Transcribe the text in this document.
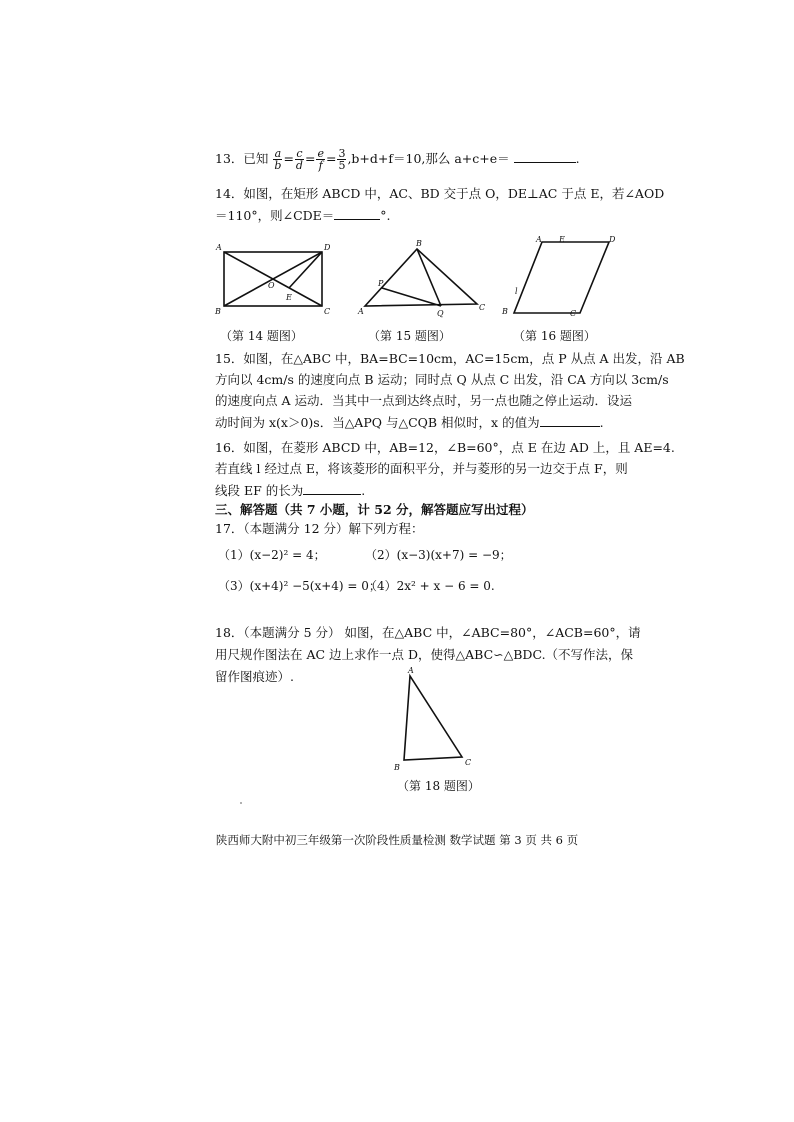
13．已知 $\frac{a}{b} = \frac{c}{d} = \frac{e}{f} = \frac{3}{5} ,b+d+f=10$,那么 a+c+e＝	.
14．如图，在矩形 ABCD 中，AC、BD 交于点 O，DE⊥AC 于点 E，若∠AOD
＝110°，则∠CDE＝	°.
A	D
O
E
B	C
（第 14 题图）
B
P
A	Q
C
（第 15 题图）
A E	D
l
B	C
（第 16 题图）
15．如图，在△ABC 中，BA=BC=10cm，AC=15cm，点 P 从点 A 出发，沿 AB
方向以 4cm/s 的速度向点 B 运动；同时点 Q 从点 C 出发，沿 CA 方向以 3cm/s
的速度向点 A 运动．当其中一点到达终点时，另一点也随之停止运动．设运
动时间为 x(x＞0)s．当△APQ 与△CQB 相似时，x 的值为	.
16．如图，在菱形 ABCD 中，AB=12，∠B=60°，点 E 在边 AD 上，且 AE=4.
若直线 l 经过点 E，将该菱形的面积平分，并与菱形的另一边交于点 F，则
线段 EF 的长为	.
三、解答题（共 7 小题，计 52 分，解答题应写出过程）
17．（本题满分 12 分）解下列方程：
（1）(x−2)² = 4；	（2）(x−3)(x+7) = −9；
（3）(x+4)² −5(x+4) = 0；
（4）2x² + x − 6 = 0.
18．（本题满分 5 分） 如图，在△ABC 中，∠ABC=80°，∠ACB=60°，请
用尺规作图法在 AC 边上求作一点 D，使得△ABC∽△BDC.（不写作法，保
留作图痕迹）.	A
B
C
（第 18 题图）
陕西师大附中初三年级第一次阶段性质量检测 数学试题 第 3 页 共 6 页
